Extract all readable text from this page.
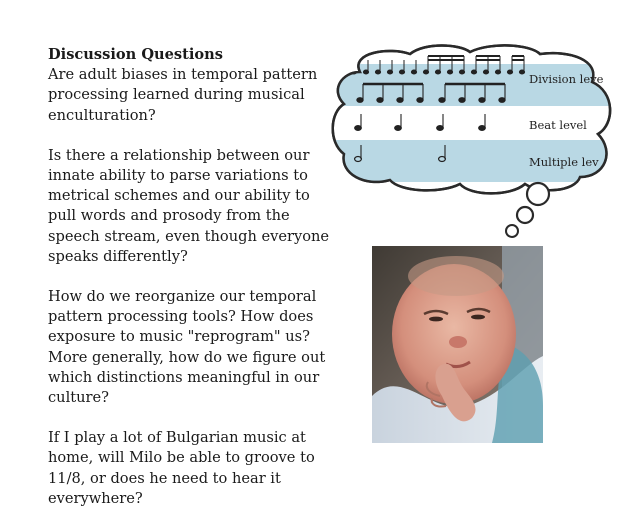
Discussion Questions

Are adult biases in temporal pattern processing learned during musical enculturation?

Is there a relationship between our innate ability to parse variations to metrical schemes and our ability to pull words and prosody from the speech stream, even though everyone speaks differently?

How do we reorganize our temporal pattern processing tools? How does exposure to music "reprogram" us? More generally, how do we figure out which distinctions meaningful in our culture?

If I play a lot of Bulgarian music at home, will Milo be able to groove to 11/8, or does he need to hear it everywhere?

Division leve
Beat level
Multiple lev
